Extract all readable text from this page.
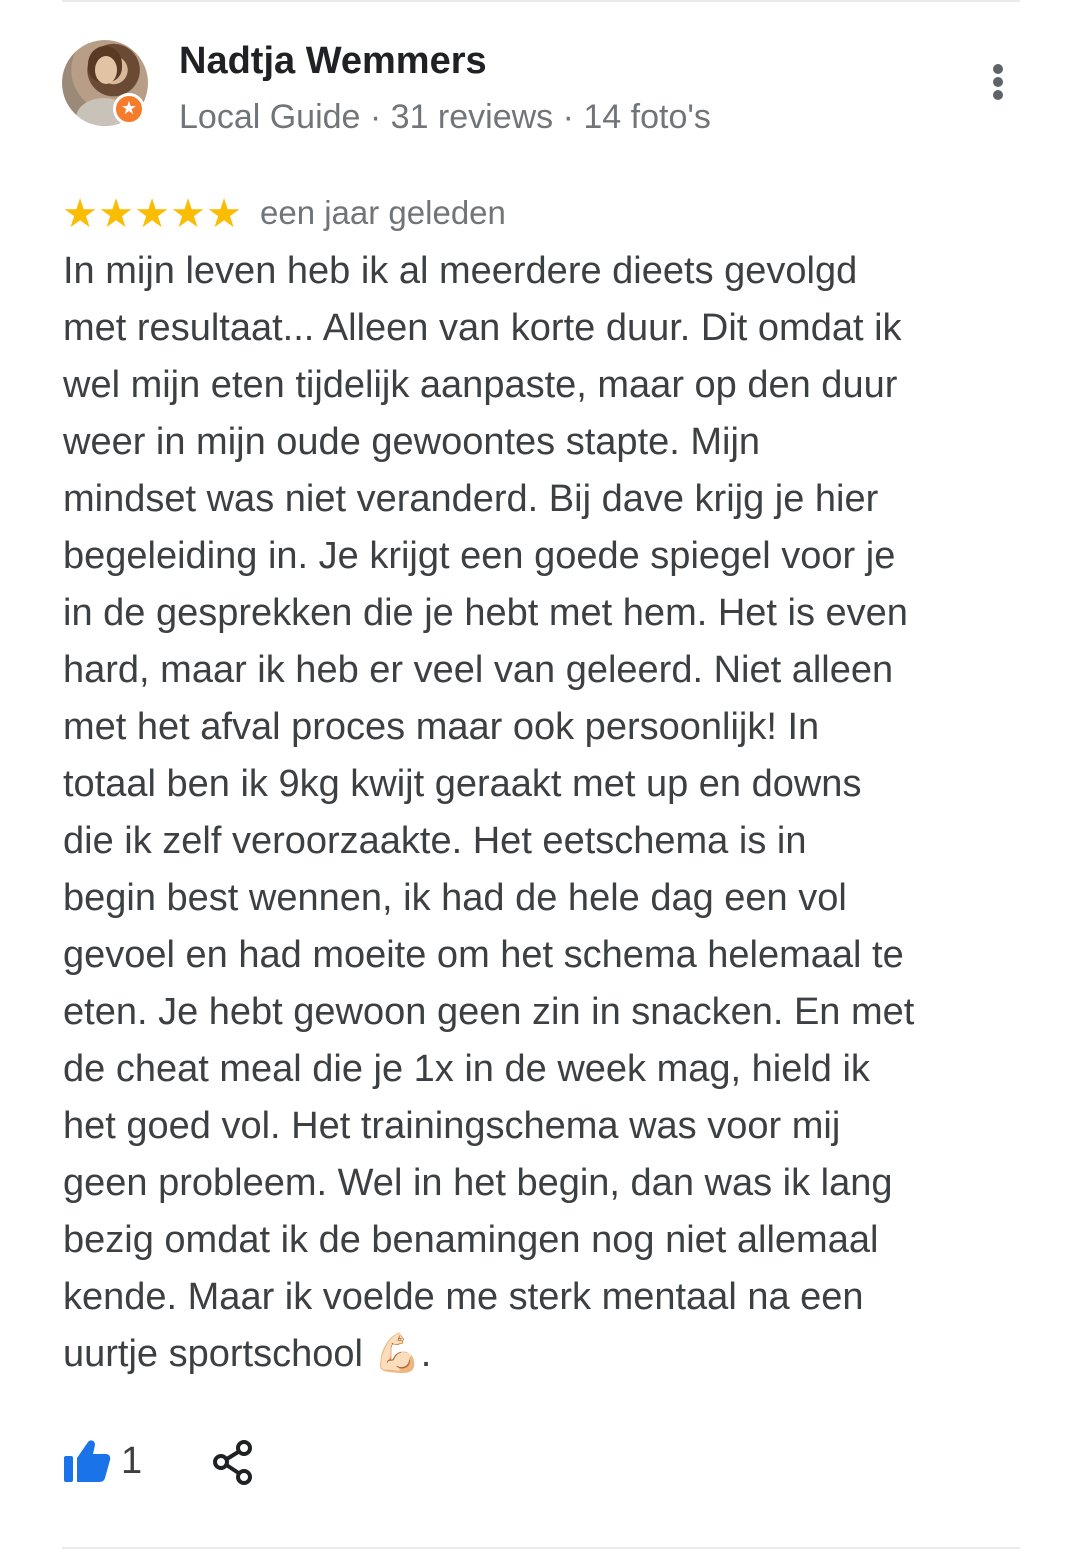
★
Nadtja Wemmers
Local Guide · 31 reviews · 14 foto's
★ ★ ★ ★ ★ een jaar geleden
In mijn leven heb ik al meerdere dieets gevolgd
met resultaat... Alleen van korte duur. Dit omdat ik
wel mijn eten tijdelijk aanpaste, maar op den duur
weer in mijn oude gewoontes stapte. Mijn
mindset was niet veranderd. Bij dave krijg je hier
begeleiding in. Je krijgt een goede spiegel voor je
in de gesprekken die je hebt met hem. Het is even
hard, maar ik heb er veel van geleerd. Niet alleen
met het afval proces maar ook persoonlijk! In
totaal ben ik 9kg kwijt geraakt met up en downs
die ik zelf veroorzaakte. Het eetschema is in
begin best wennen, ik had de hele dag een vol
gevoel en had moeite om het schema helemaal te
eten. Je hebt gewoon geen zin in snacken. En met
de cheat meal die je 1x in de week mag, hield ik
het goed vol. Het trainingschema was voor mij
geen probleem. Wel in het begin, dan was ik lang
bezig omdat ik de benamingen nog niet allemaal
kende. Maar ik voelde me sterk mentaal na een
uurtje sportschool 💪🏻.
1
